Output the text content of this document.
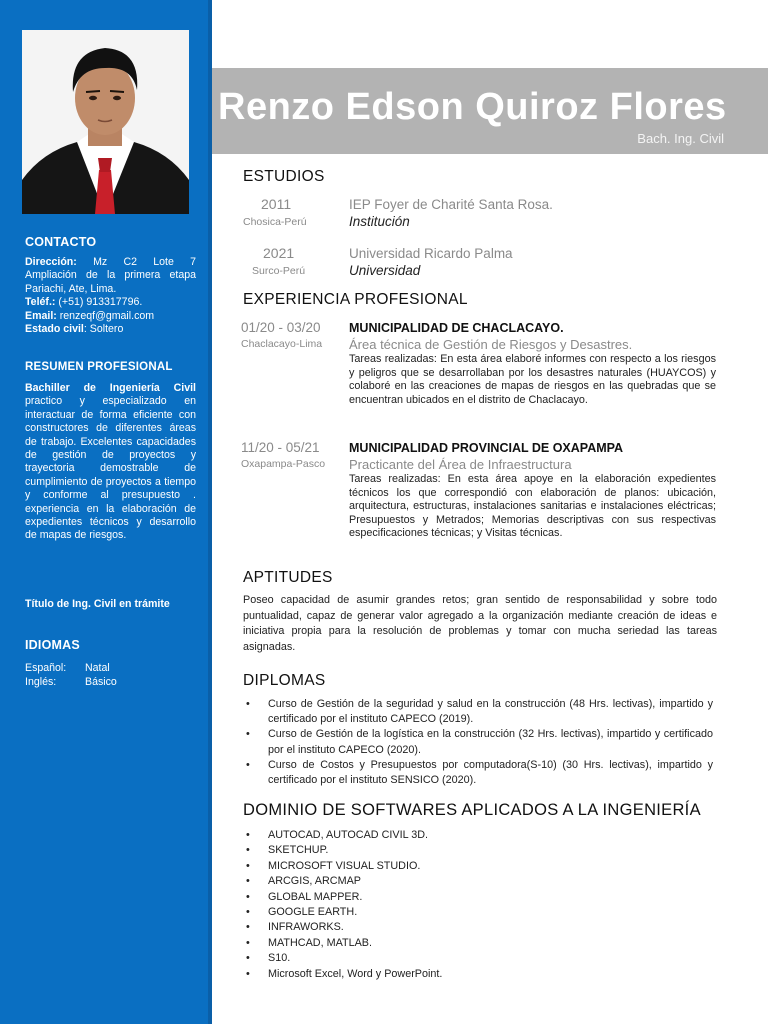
CONTACTO
Dirección: Mz C2 Lote 7 Ampliación de la primera etapa Pariachi, Ate, Lima.
Teléf.: (+51) 913317796.
Email: renzeqf@gmail.com
Estado civil: Soltero
RESUMEN PROFESIONAL
Bachiller de Ingeniería Civil practico y especializado en interactuar de forma eficiente con constructores de diferentes áreas de trabajo. Excelentes capacidades de gestión de proyectos y trayectoria demostrable de cumplimiento de proyectos a tiempo y conforme al presupuesto . experiencia en la elaboración de expedientes técnicos y desarrollo de mapas de riesgos.
Título de Ing. Civil en trámite
IDIOMAS
Español: Natal
Inglés:	Básico
Renzo Edson Quiroz Flores
Bach. Ing. Civil
ESTUDIOS
2011
Chosica-Perú
IEP Foyer de Charité Santa Rosa.
Institución
2021
Surco-Perú
Universidad Ricardo Palma
Universidad
EXPERIENCIA PROFESIONAL
01/20 - 03/20
Chaclacayo-Lima
MUNICIPALIDAD DE CHACLACAYO.
Área técnica de Gestión de Riesgos y Desastres.
Tareas realizadas: En esta área elaboré informes con respecto a los riesgos y peligros que se desarrollaban por los desastres naturales (HUAYCOS) y colaboré en las creaciones de mapas de riesgos en las quebradas que se encuentran ubicados en el distrito de Chaclacayo.
11/20 - 05/21
Oxapampa-Pasco
MUNICIPALIDAD PROVINCIAL DE OXAPAMPA
Practicante del Área de Infraestructura
Tareas realizadas: En esta área apoye en la elaboración expedientes técnicos los que correspondió con elaboración de planos: ubicación, arquitectura, estructuras, instalaciones sanitarias e instalaciones eléctricas; Presupuestos y Metrados; Memorias descriptivas con sus respectivas especificaciones técnicas; y Visitas técnicas.
APTITUDES
Poseo capacidad de asumir grandes retos; gran sentido de responsabilidad y sobre todo puntualidad, capaz de generar valor agregado a la organización mediante creación de ideas e iniciativa propia para la resolución de problemas y tomar con mucha seriedad las tareas asignadas.
DIPLOMAS
• Curso de Gestión de la seguridad y salud en la construcción (48 Hrs. lectivas), impartido y certificado por el instituto CAPECO (2019).
• Curso de Gestión de la logística en la construcción (32 Hrs. lectivas), impartido y certificado por el instituto CAPECO (2020).
• Curso de Costos y Presupuestos por computadora(S-10) (30 Hrs. lectivas), impartido y certificado por el instituto SENSICO (2020).
DOMINIO DE SOFTWARES APLICADOS A LA INGENIERÍA
• AUTOCAD, AUTOCAD CIVIL 3D.
• SKETCHUP.
• MICROSOFT VISUAL STUDIO.
• ARCGIS, ARCMAP
• GLOBAL MAPPER.
• GOOGLE EARTH.
• INFRAWORKS.
• MATHCAD, MATLAB.
• S10.
• Microsoft Excel, Word y PowerPoint.
